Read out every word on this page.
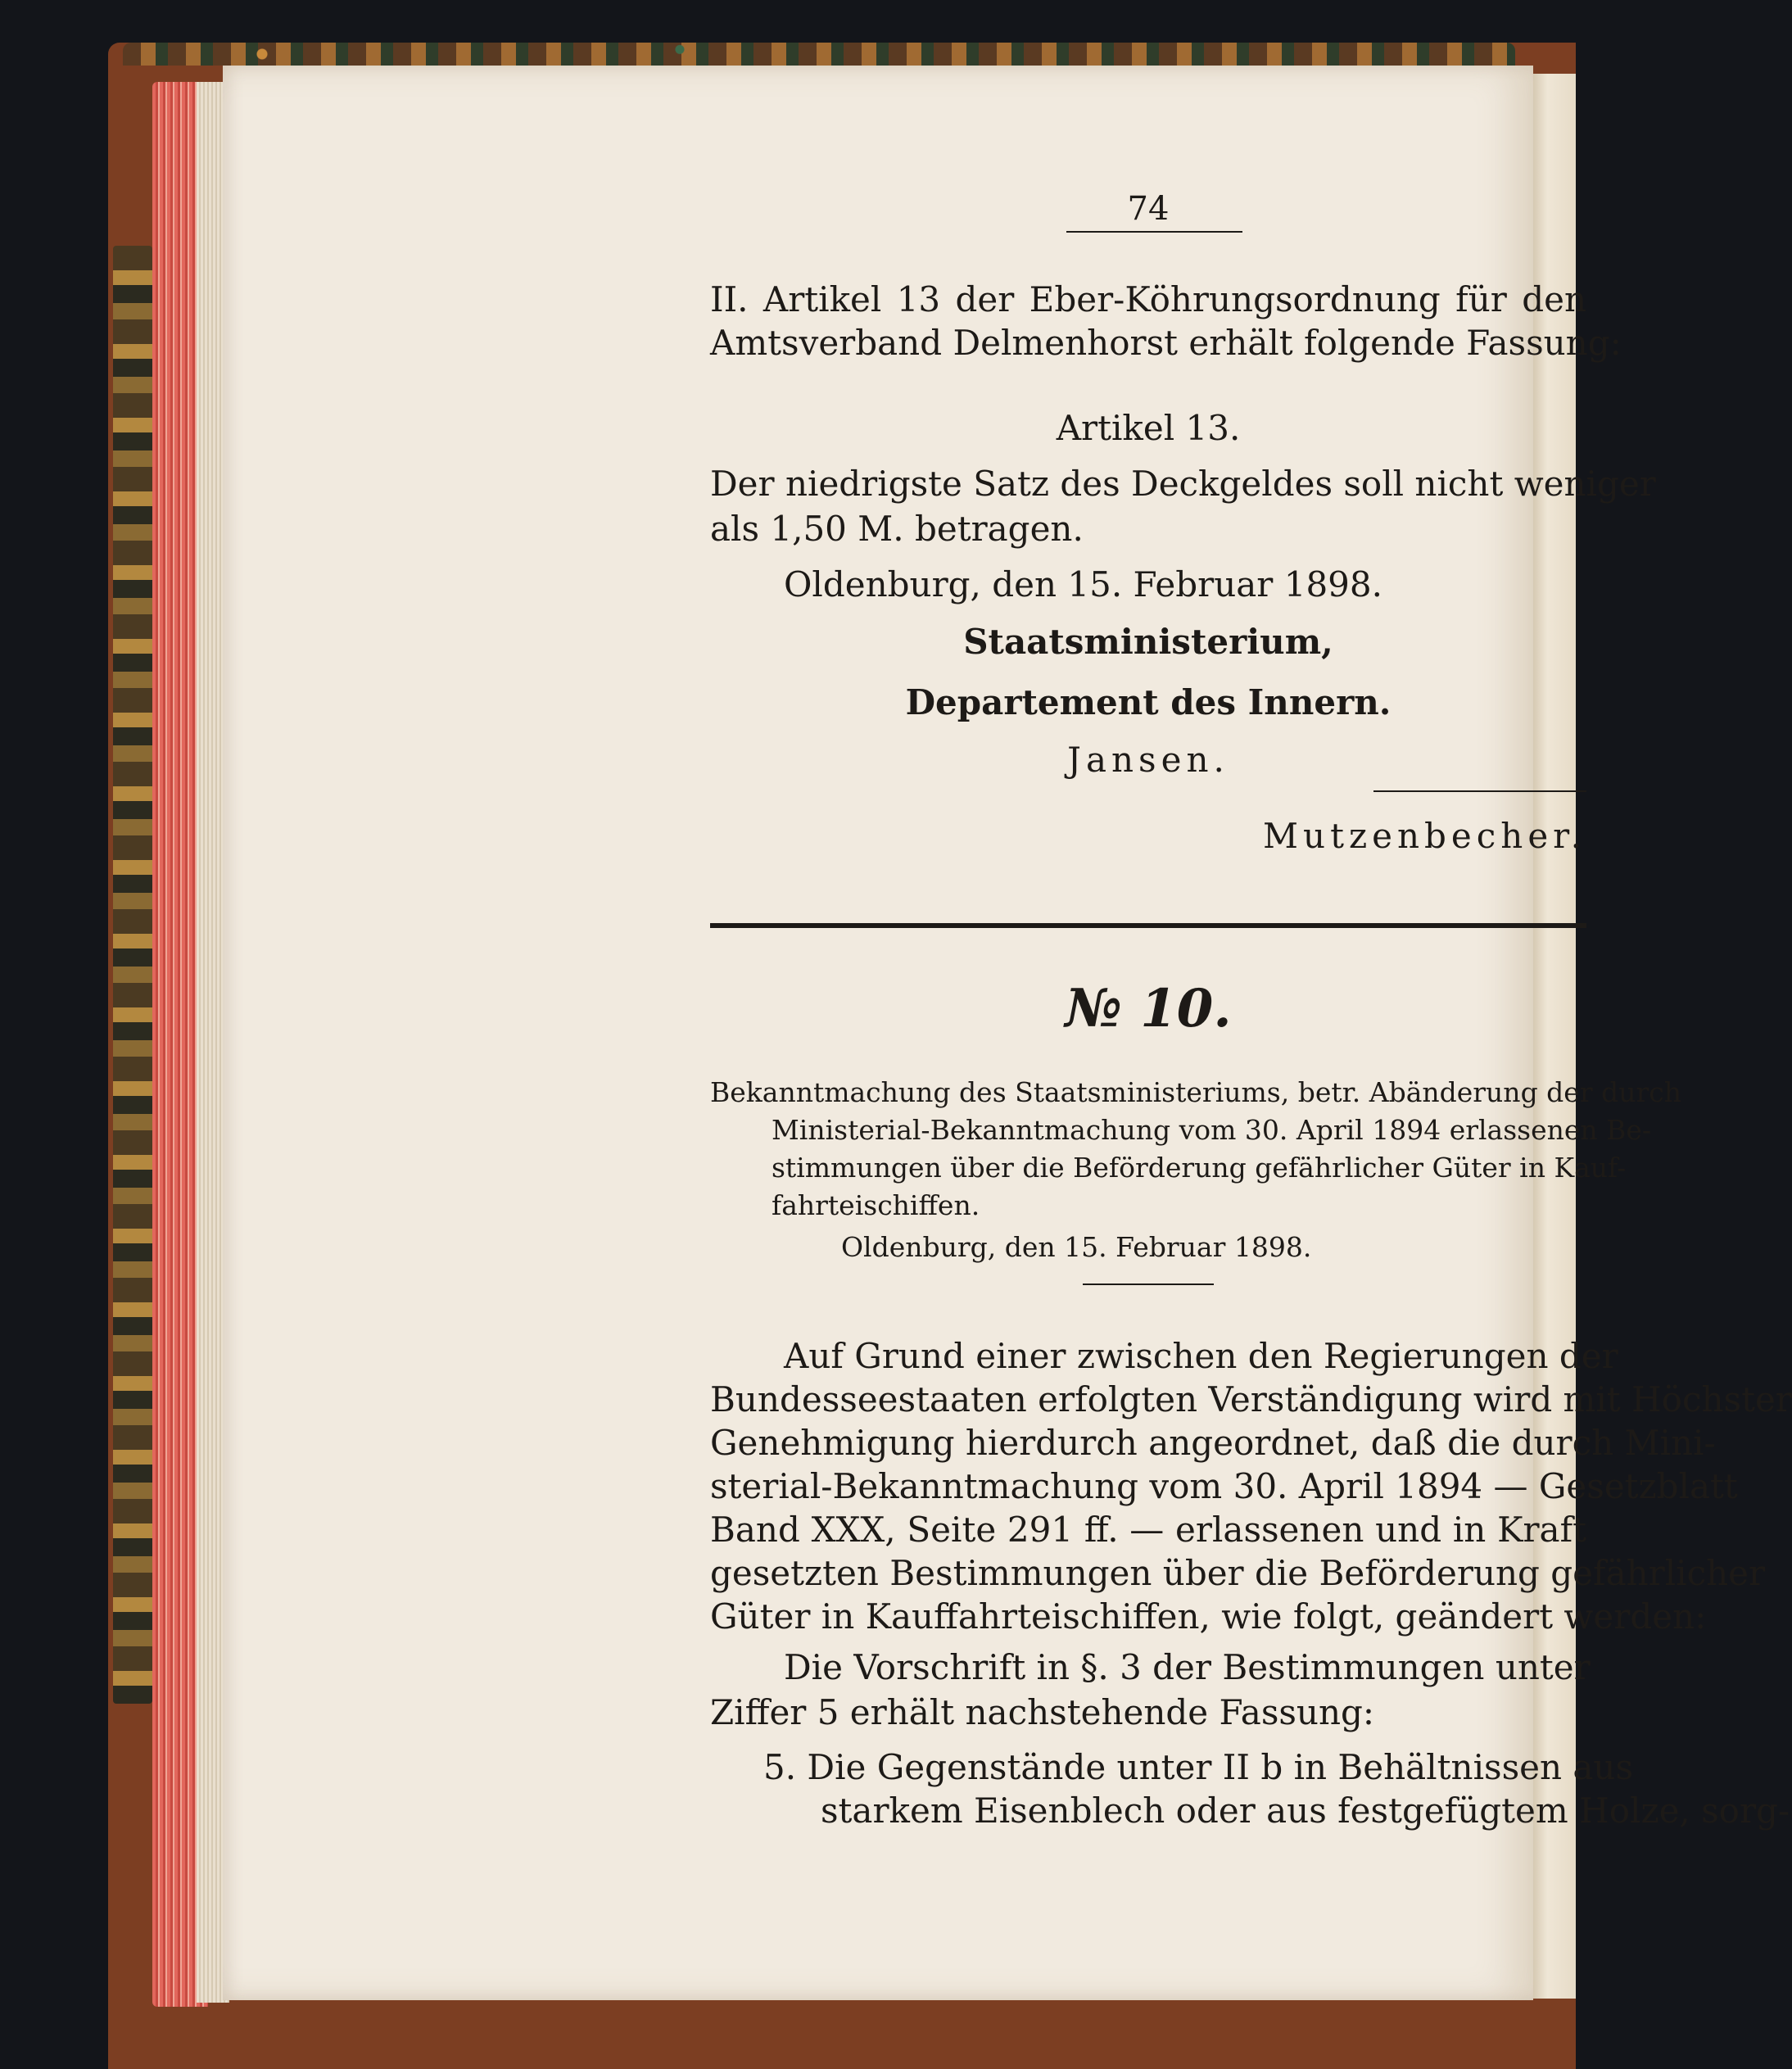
74
II. Artikel 13 der Eber-Köhrungsordnung für den
Amtsverband Delmenhorst erhält folgende Fassung:
Artikel 13.
Der niedrigste Satz des Deckgeldes soll nicht weniger
als 1,50 M. betragen.
Oldenburg, den 15. Februar 1898.
Staatsministerium,
Departement des Innern.
Jansen.
Mutzenbecher.
№ 10.
Bekanntmachung des Staatsministeriums, betr. Abänderung der durch
Ministerial-Bekanntmachung vom 30. April 1894 erlassenen Be-
stimmungen über die Beförderung gefährlicher Güter in Kauf-
fahrteischiffen.
Oldenburg, den 15. Februar 1898.
Auf Grund einer zwischen den Regierungen der
Bundesseestaaten erfolgten Verständigung wird mit Höchster
Genehmigung hierdurch angeordnet, daß die durch Mini-
sterial-Bekanntmachung vom 30. April 1894 — Gesetzblatt
Band XXX, Seite 291 ff. — erlassenen und in Kraft
gesetzten Bestimmungen über die Beförderung gefährlicher
Güter in Kauffahrteischiffen, wie folgt, geändert werden:
Die Vorschrift in §. 3 der Bestimmungen unter
Ziffer 5 erhält nachstehende Fassung:
5. Die Gegenstände unter II b in Behältnissen aus
starkem Eisenblech oder aus festgefügtem Holze, sorg-
